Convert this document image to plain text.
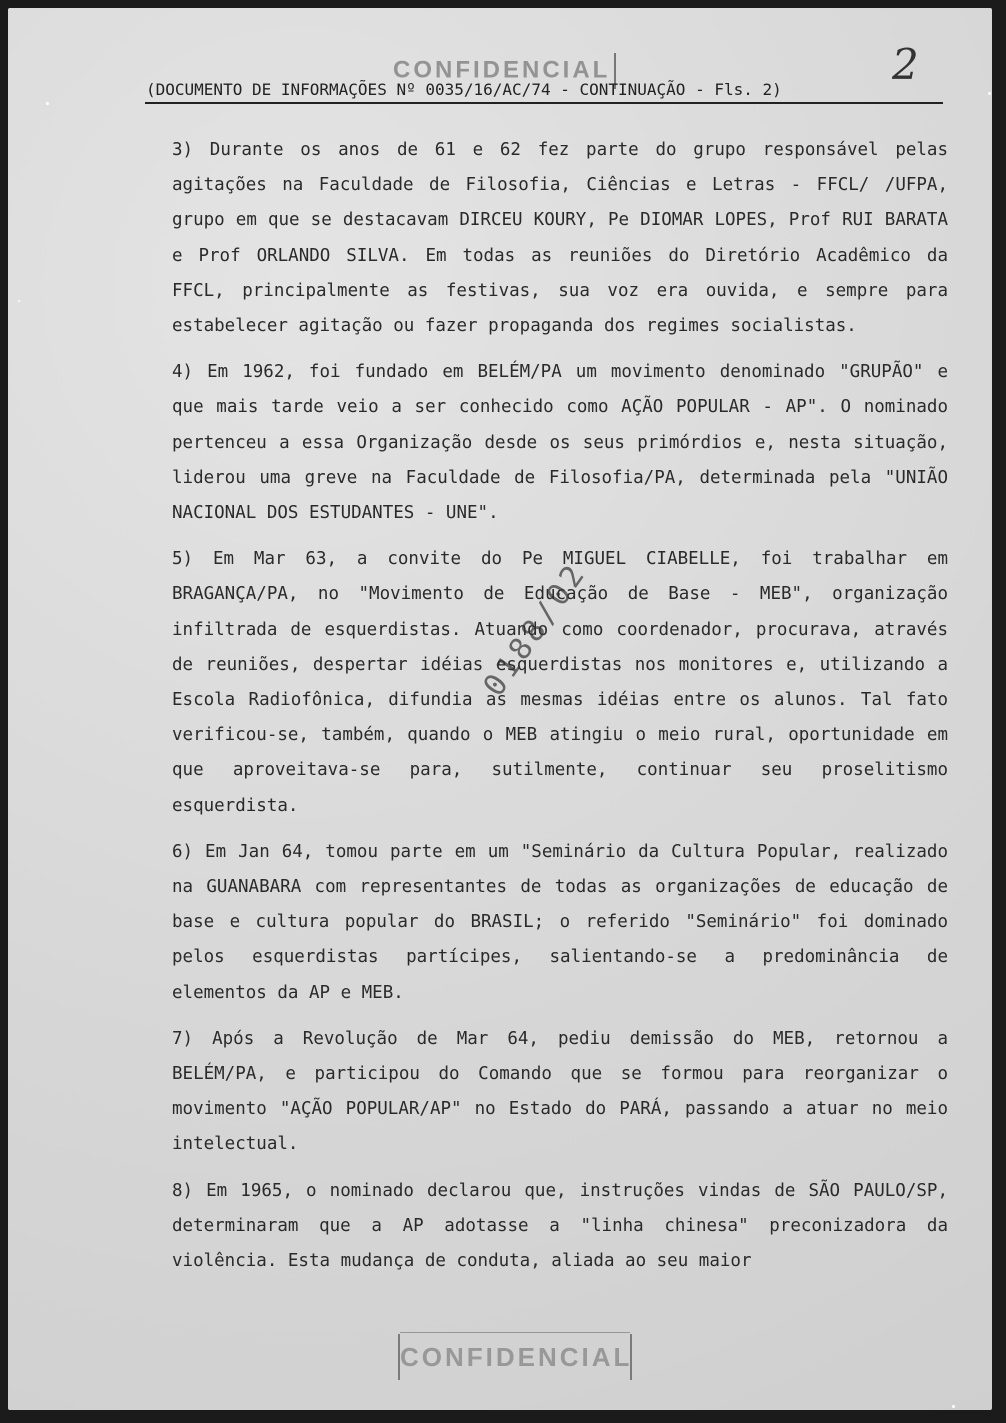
CONFIDENCIAL	2
(DOCUMENTO DE INFORMAÇÕES Nº 0035/16/AC/74 - CONTINUAÇÃO - Fls. 2)

3) Durante os anos de 61 e 62 fez parte do grupo responsável pelas agitações na Faculdade de Filosofia, Ciências e Letras - FFCL/ /UFPA, grupo em que se destacavam DIRCEU KOURY, Pe DIOMAR LOPES, Prof RUI BARATA e Prof ORLANDO SILVA. Em todas as reuniões do Diretório Acadêmico da FFCL, principalmente as festivas, sua voz era ouvida, e sempre para estabelecer agitação ou fazer propaganda dos regimes socialistas.

4) Em 1962, foi fundado em BELÉM/PA um movimento denominado "GRUPÃO" e que mais tarde veio a ser conhecido como AÇÃO POPULAR - AP". O nominado pertenceu a essa Organização desde os seus primórdios e, nesta situação, liderou uma greve na Faculdade de Filosofia/PA, determinada pela "UNIÃO NACIONAL DOS ESTUDANTES - UNE".

5) Em Mar 63, a convite do Pe MIGUEL CIABELLE, foi trabalhar em BRAGANÇA/PA, no "Movimento de Educação de Base - MEB", organização infiltrada de esquerdistas. Atuando como coordenador, procurava, através de reuniões, despertar idéias esquerdistas nos monitores e, utilizando a Escola Radiofônica, difundia as mesmas idéias entre os alunos. Tal fato verificou-se, também, quando o MEB atingiu o meio rural, oportunidade em que aproveitava-se para, sutilmente, continuar seu proselitismo esquerdista.

6) Em Jan 64, tomou parte em um "Seminário da Cultura Popular, realizado na GUANABARA com representantes de todas as organizações de educação de base e cultura popular do BRASIL; o referido "Seminário" foi dominado pelos esquerdistas partícipes, salientando-se a predominância de elementos da AP e MEB.

7) Após a Revolução de Mar 64, pediu demissão do MEB, retornou a BELÉM/PA, e participou do Comando que se formou para reorganizar o movimento "AÇÃO POPULAR/AP" no Estado do PARÁ, passando a atuar no meio intelectual.

8) Em 1965, o nominado declarou que, instruções vindas de SÃO PAULO/SP, determinaram que a AP adotasse a "linha chinesa" preconizadora da violência. Esta mudança de conduta, aliada ao seu maior

0188/02
CONFIDENCIAL
